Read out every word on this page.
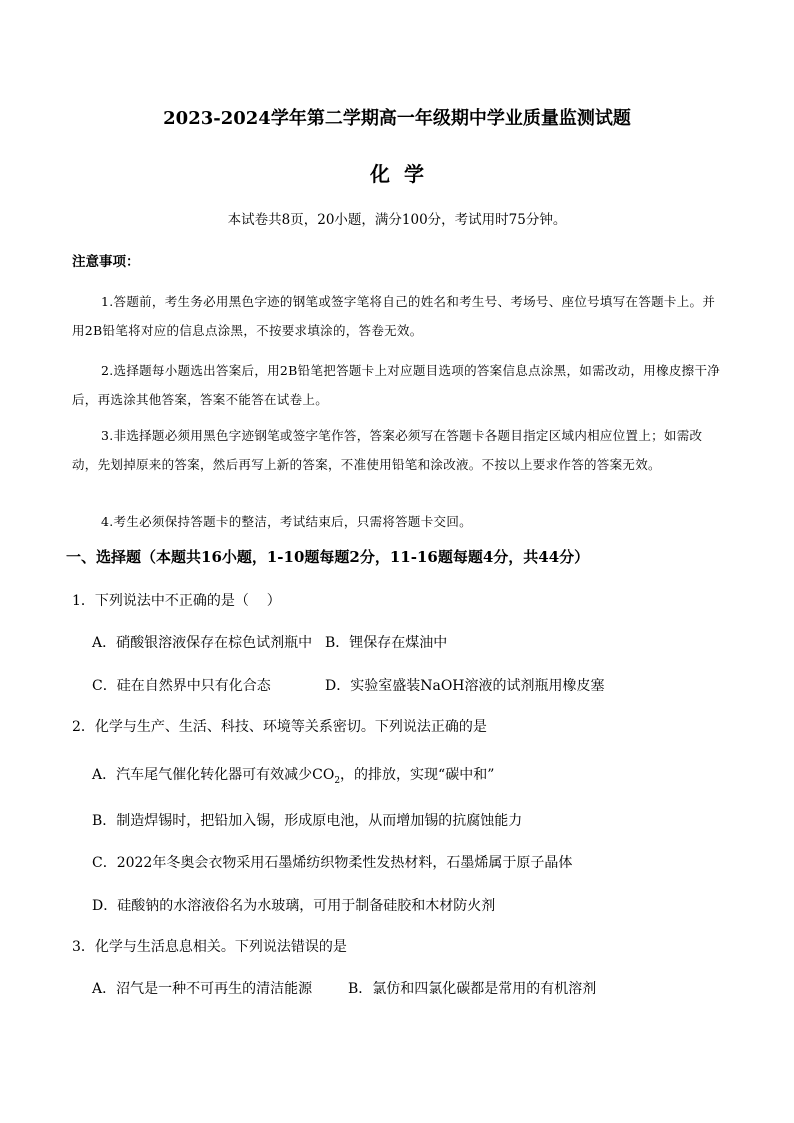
2023-2024学年第二学期高一年级期中学业质量监测试题
化  学
本试卷共8页，20小题，满分100分，考试用时75分钟。
注意事项：
1.答题前，考生务必用黑色字迹的钢笔或签字笔将自己的姓名和考生号、考场号、座位号填写在答题卡上。并用2B铅笔将对应的信息点涂黑，不按要求填涂的，答卷无效。
2.选择题每小题选出答案后，用2B铅笔把答题卡上对应题目选项的答案信息点涂黑，如需改动，用橡皮擦干净后，再选涂其他答案，答案不能答在试卷上。
3.非选择题必须用黑色字迹钢笔或签字笔作答，答案必须写在答题卡各题目指定区域内相应位置上；如需改动，先划掉原来的答案，然后再写上新的答案，不准使用铅笔和涂改液。不按以上要求作答的答案无效。
4.考生必须保持答题卡的整洁，考试结束后，只需将答题卡交回。
一、选择题（本题共16小题，1-10题每题2分，11-16题每题4分，共44分）
1．下列说法中不正确的是（    ）
A．硝酸银溶液保存在棕色试剂瓶中 B．锂保存在煤油中
C．硅在自然界中只有化合态	D．实验室盛装NaOH溶液的试剂瓶用橡皮塞
2．化学与生产、生活、科技、环境等关系密切。下列说法正确的是
A．汽车尾气催化转化器可有效减少$CO_2$，的排放，实现“碳中和”
B．制造焊锡时，把铅加入锡，形成原电池，从而增加锡的抗腐蚀能力
C．2022年冬奥会衣物采用石墨烯纺织物柔性发热材料，石墨烯属于原子晶体
D．硅酸钠的水溶液俗名为水玻璃，可用于制备硅胶和木材防火剂
3．化学与生活息息相关。下列说法错误的是
A．沼气是一种不可再生的清洁能源	B．氯仿和四氯化碳都是常用的有机溶剂
